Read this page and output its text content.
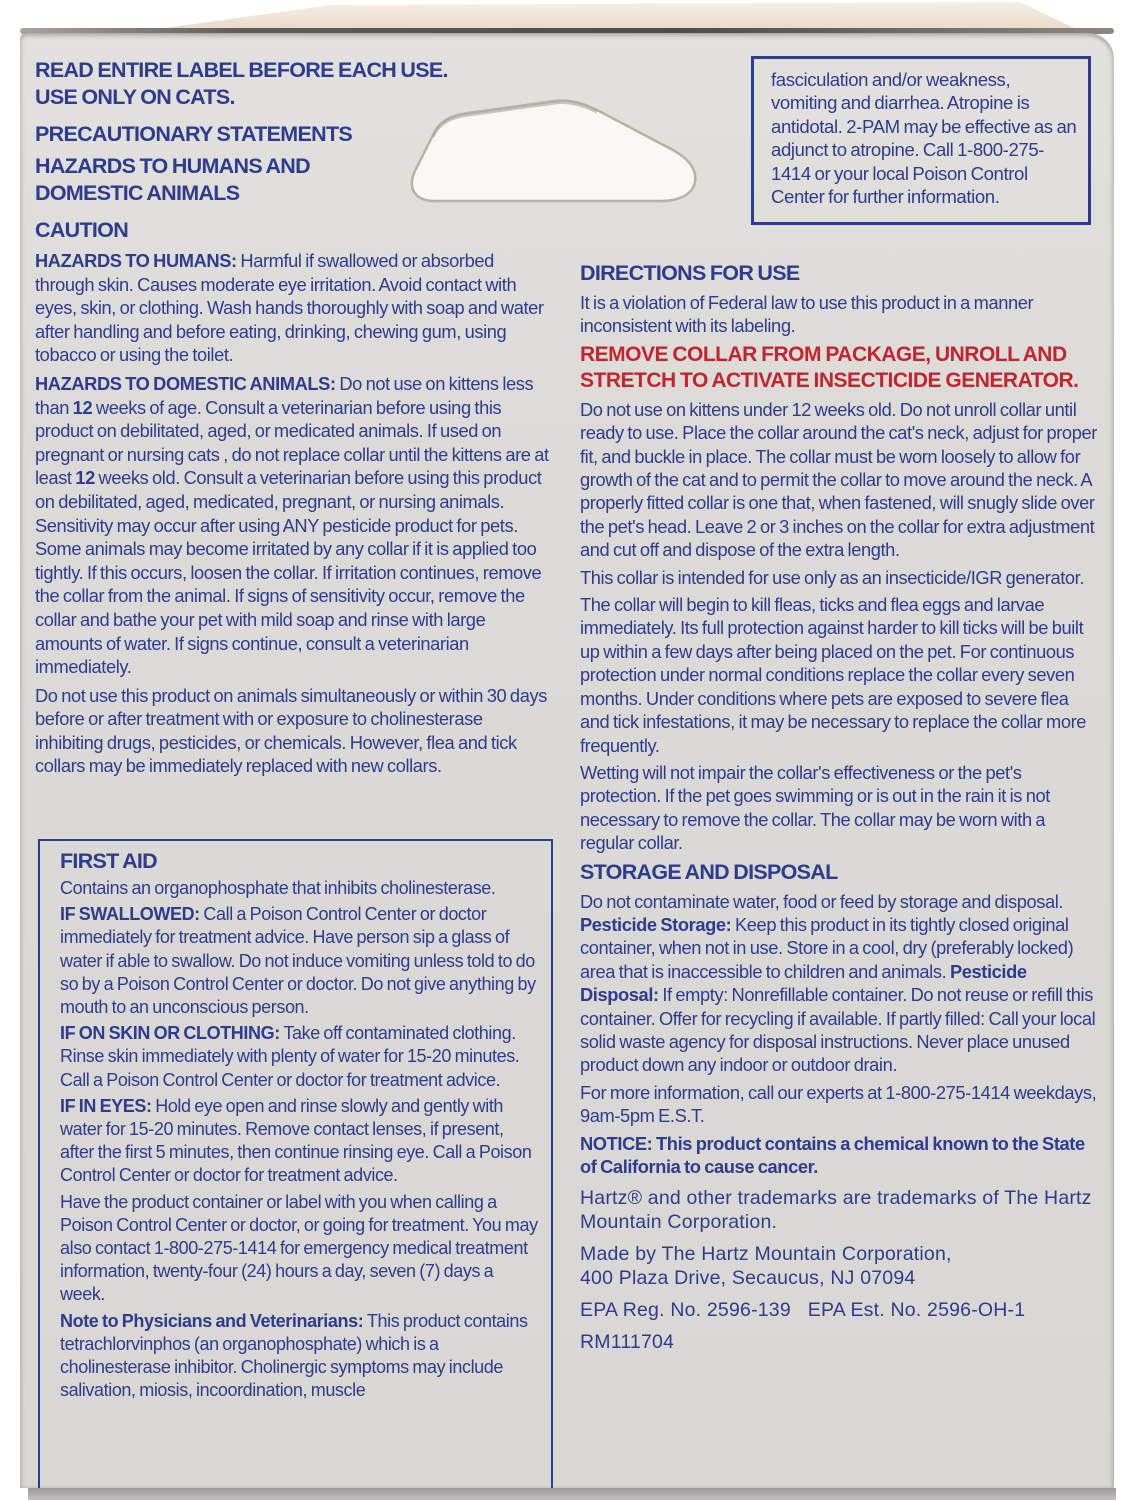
READ ENTIRE LABEL BEFORE EACH USE.
USE ONLY ON CATS.
PRECAUTIONARY STATEMENTS
HAZARDS TO HUMANS AND
DOMESTIC ANIMALS
CAUTION
HAZARDS TO HUMANS: Harmful if swallowed or absorbed through skin. Causes moderate eye irritation. Avoid contact with eyes, skin, or clothing. Wash hands thoroughly with soap and water after handling and before eating, drinking, chewing gum, using tobacco or using the toilet.
HAZARDS TO DOMESTIC ANIMALS: Do not use on kittens less than 12 weeks of age. Consult a veterinarian before using this product on debilitated, aged, or medicated animals. If used on pregnant or nursing cats , do not replace collar until the kittens are at least 12 weeks old. Consult a veterinarian before using this product on debilitated, aged, medicated, pregnant, or nursing animals. Sensitivity may occur after using ANY pesticide product for pets. Some animals may become irritated by any collar if it is applied too tightly. If this occurs, loosen the collar. If irritation continues, remove the collar from the animal. If signs of sensitivity occur, remove the collar and bathe your pet with mild soap and rinse with large amounts of water. If signs continue, consult a veterinarian immediately.
Do not use this product on animals simultaneously or within 30 days before or after treatment with or exposure to cholinesterase inhibiting drugs, pesticides, or chemicals. However, flea and tick collars may be immediately replaced with new collars.
FIRST AID
Contains an organophosphate that inhibits cholinesterase.
IF SWALLOWED: Call a Poison Control Center or doctor immediately for treatment advice. Have person sip a glass of water if able to swallow. Do not induce vomiting unless told to do so by a Poison Control Center or doctor. Do not give anything by mouth to an unconscious person.
IF ON SKIN OR CLOTHING: Take off contaminated clothing. Rinse skin immediately with plenty of water for 15-20 minutes. Call a Poison Control Center or doctor for treatment advice.
IF IN EYES: Hold eye open and rinse slowly and gently with water for 15-20 minutes. Remove contact lenses, if present, after the first 5 minutes, then continue rinsing eye. Call a Poison Control Center or doctor for treatment advice.
Have the product container or label with you when calling a Poison Control Center or doctor, or going for treatment. You may also contact 1-800-275-1414 for emergency medical treatment information, twenty-four (24) hours a day, seven (7) days a week.
Note to Physicians and Veterinarians: This product contains tetrachlorvinphos (an organophosphate) which is a cholinesterase inhibitor. Cholinergic symptoms may include salivation, miosis, incoordination, muscle
fasciculation and/or weakness, vomiting and diarrhea. Atropine is antidotal. 2-PAM may be effective as an adjunct to atropine. Call 1-800-275-1414 or your local Poison Control Center for further information.
DIRECTIONS FOR USE
It is a violation of Federal law to use this product in a manner inconsistent with its labeling.
REMOVE COLLAR FROM PACKAGE, UNROLL AND STRETCH TO ACTIVATE INSECTICIDE GENERATOR.
Do not use on kittens under 12 weeks old. Do not unroll collar until ready to use. Place the collar around the cat's neck, adjust for proper fit, and buckle in place. The collar must be worn loosely to allow for growth of the cat and to permit the collar to move around the neck. A properly fitted collar is one that, when fastened, will snugly slide over the pet's head. Leave 2 or 3 inches on the collar for extra adjustment and cut off and dispose of the extra length.
This collar is intended for use only as an insecticide/IGR generator.
The collar will begin to kill fleas, ticks and flea eggs and larvae immediately. Its full protection against harder to kill ticks will be built up within a few days after being placed on the pet. For continuous protection under normal conditions replace the collar every seven months. Under conditions where pets are exposed to severe flea and tick infestations, it may be necessary to replace the collar more frequently.
Wetting will not impair the collar's effectiveness or the pet's protection. If the pet goes swimming or is out in the rain it is not necessary to remove the collar. The collar may be worn with a regular collar.
STORAGE AND DISPOSAL
Do not contaminate water, food or feed by storage and disposal. Pesticide Storage: Keep this product in its tightly closed original container, when not in use. Store in a cool, dry (preferably locked) area that is inaccessible to children and animals. Pesticide Disposal: If empty: Nonrefillable container. Do not reuse or refill this container. Offer for recycling if available. If partly filled: Call your local solid waste agency for disposal instructions. Never place unused product down any indoor or outdoor drain.
For more information, call our experts at 1-800-275-1414 weekdays, 9am-5pm E.S.T.
NOTICE: This product contains a chemical known to the State of California to cause cancer.
Hartz® and other trademarks are trademarks of The Hartz Mountain Corporation.
Made by The Hartz Mountain Corporation,
400 Plaza Drive, Secaucus, NJ 07094
EPA Reg. No. 2596-139   EPA Est. No. 2596-OH-1
RM111704
